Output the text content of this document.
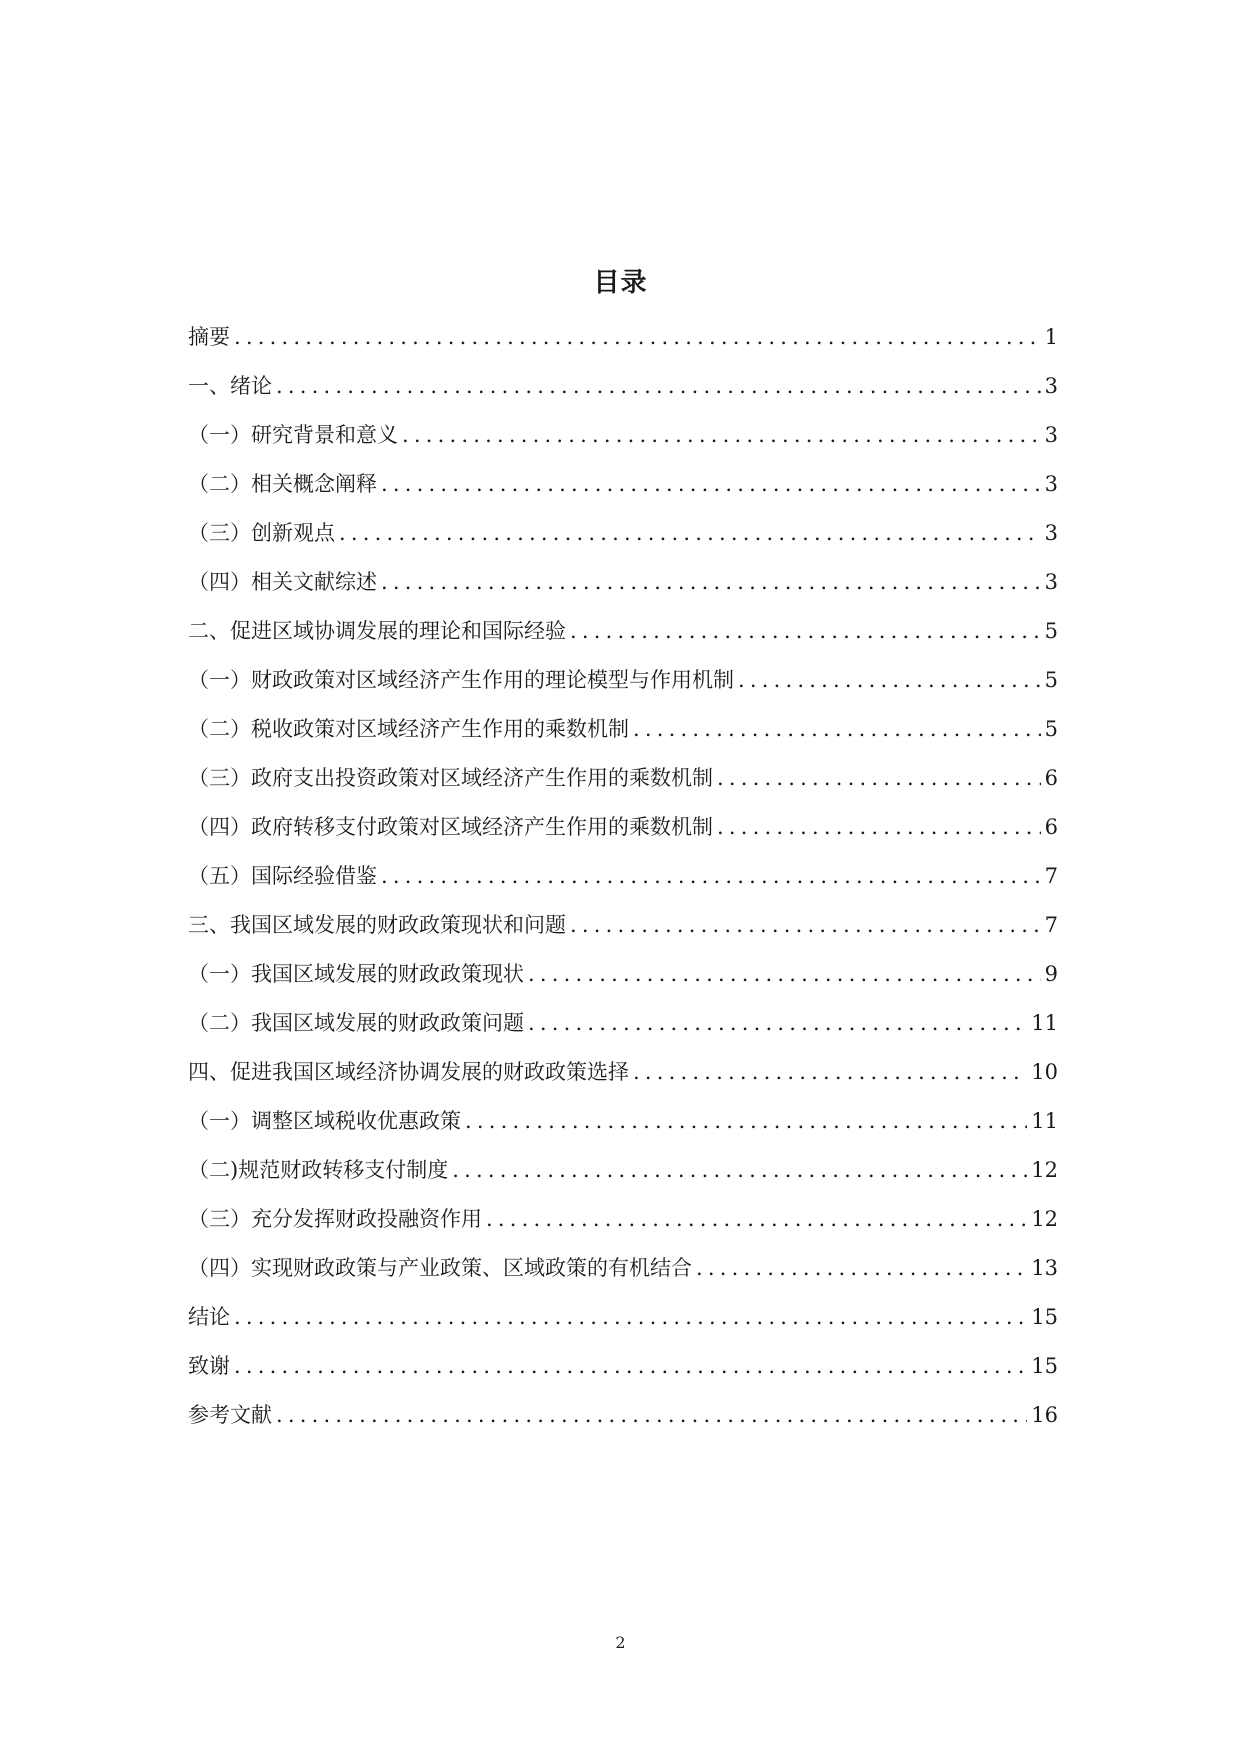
目录
摘要 .....	1
一、绪论 .....	3
（一）研究背景和意义 .....	3
（二）相关概念阐释 .....	3
（三）创新观点 .....	3
（四）相关文献综述 .....	3
二、促进区域协调发展的理论和国际经验 .....	5
（一）财政政策对区域经济产生作用的理论模型与作用机制 .....	5
（二）税收政策对区域经济产生作用的乘数机制 .....	5
（三）政府支出投资政策对区域经济产生作用的乘数机制 .....	6
（四）政府转移支付政策对区域经济产生作用的乘数机制 .....	6
（五）国际经验借鉴 .....	7
三、我国区域发展的财政政策现状和问题 .....	7
（一）我国区域发展的财政政策现状 .....	9
（二）我国区域发展的财政政策问题 .....	11
四、促进我国区域经济协调发展的财政政策选择 .....	10
（一）调整区域税收优惠政策 .....	11
（二)规范财政转移支付制度 .....	12
（三）充分发挥财政投融资作用 .....	12
（四）实现财政政策与产业政策、区域政策的有机结合 .....	13
结论 .....	15
致谢 .....	15
参考文献 .....	16
2
